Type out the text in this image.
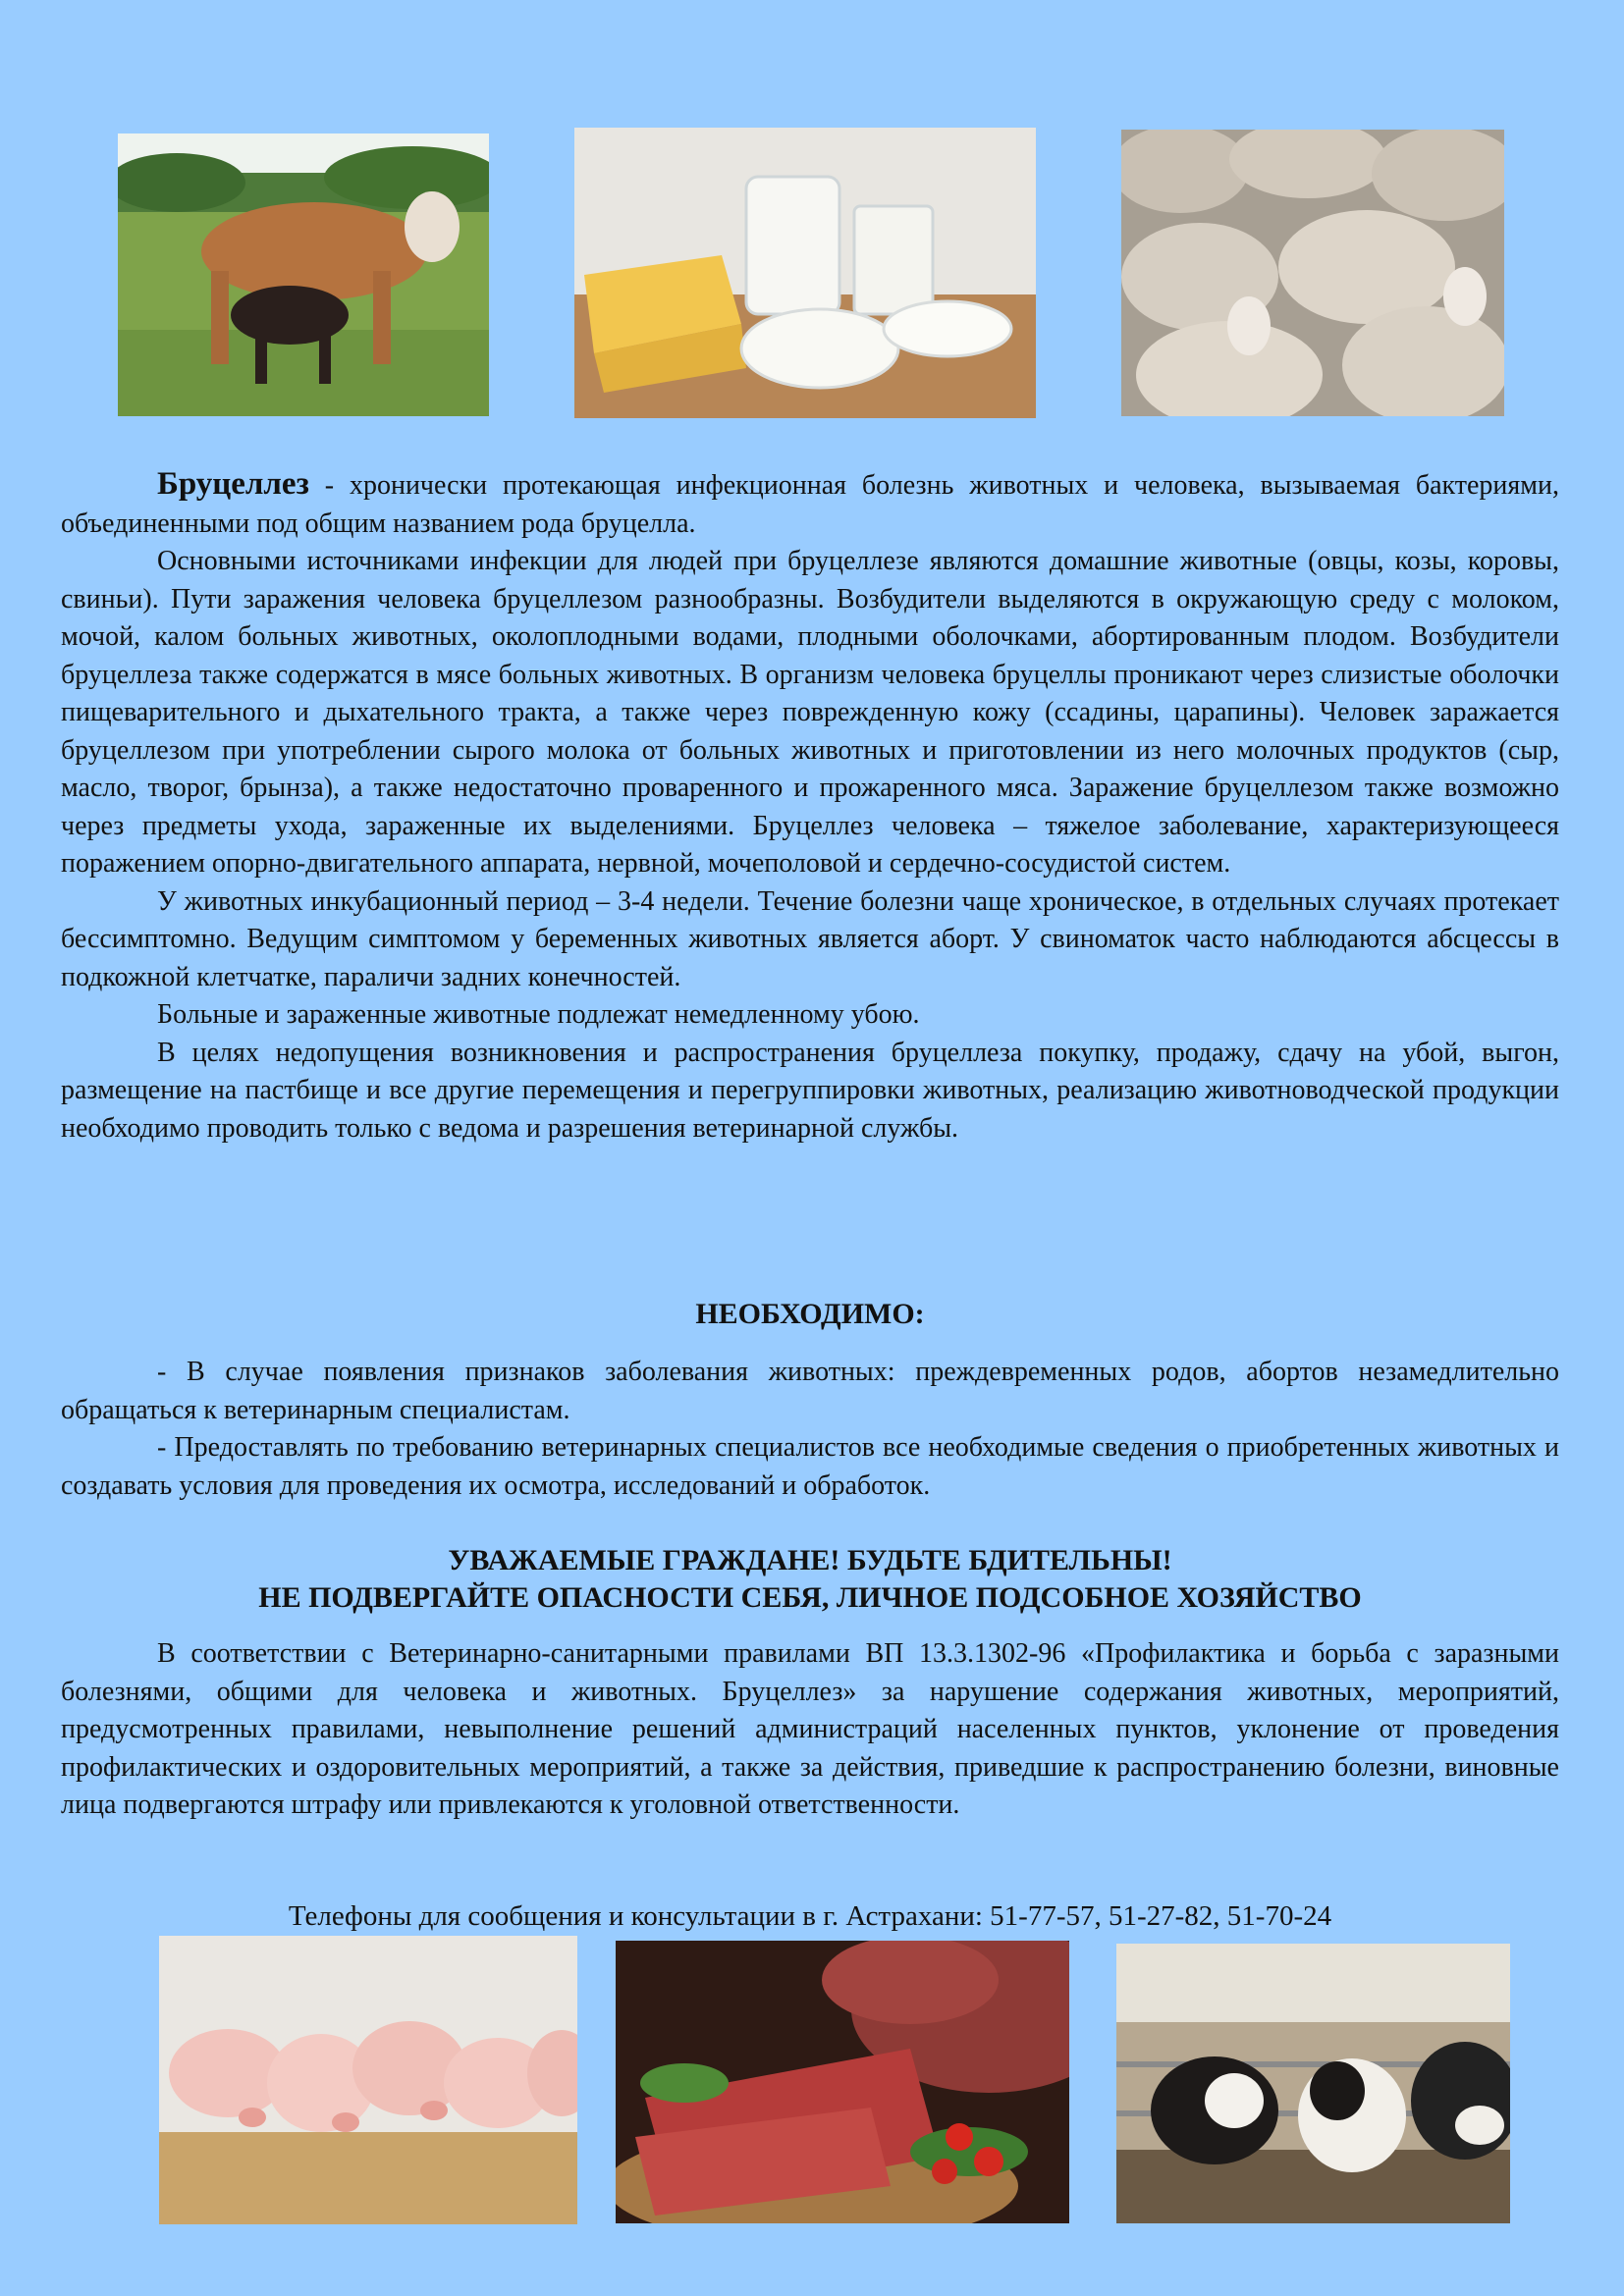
Бруцеллез - хронически протекающая инфекционная болезнь животных и человека, вызываемая бактериями, объединенными под общим названием рода бруцелла.

Основными источниками инфекции для людей при бруцеллезе являются домашние животные (овцы, козы, коровы, свиньи). Пути заражения человека бруцеллезом разнообразны. Возбудители выделяются в окружающую среду с молоком, мочой, калом больных животных, околоплодными водами, плодными оболочками, абортированным плодом. Возбудители бруцеллеза также содержатся в мясе больных животных. В организм человека бруцеллы проникают через слизистые оболочки пищеварительного и дыхательного тракта, а также через поврежденную кожу (ссадины, царапины). Человек заражается бруцеллезом при употреблении сырого молока от больных животных и приготовлении из него молочных продуктов (сыр, масло, творог, брынза), а также недостаточно проваренного и прожаренного мяса. Заражение бруцеллезом также возможно через предметы ухода, зараженные их выделениями. Бруцеллез человека – тяжелое заболевание, характеризующееся поражением опорно-двигательного аппарата, нервной, мочеполовой и сердечно-сосудистой систем.

У животных инкубационный период – 3-4 недели. Течение болезни чаще хроническое, в отдельных случаях протекает бессимптомно. Ведущим симптомом у беременных животных является аборт. У свиноматок часто наблюдаются абсцессы в подкожной клетчатке, параличи задних конечностей.

Больные и зараженные животные подлежат немедленному убою.

В целях недопущения возникновения и распространения бруцеллеза покупку, продажу, сдачу на убой, выгон, размещение на пастбище и все другие перемещения и перегруппировки животных, реализацию животноводческой продукции необходимо проводить только с ведома и разрешения ветеринарной службы.

НЕОБХОДИМО:

- В случае появления признаков заболевания животных: преждевременных родов, абортов незамедлительно обращаться к ветеринарным специалистам.

- Предоставлять по требованию ветеринарных специалистов все необходимые сведения о приобретенных животных и создавать условия для проведения их осмотра, исследований и обработок.

УВАЖАЕМЫЕ ГРАЖДАНЕ! БУДЬТЕ БДИТЕЛЬНЫ!
НЕ ПОДВЕРГАЙТЕ ОПАСНОСТИ СЕБЯ, ЛИЧНОЕ ПОДСОБНОЕ ХОЗЯЙСТВО

В соответствии с Ветеринарно-санитарными правилами ВП 13.3.1302-96 «Профилактика и борьба с заразными болезнями, общими для человека и животных. Бруцеллез» за нарушение содержания животных, мероприятий, предусмотренных правилами, невыполнение решений администраций населенных пунктов, уклонение от проведения профилактических и оздоровительных мероприятий, а также за действия, приведшие к распространению болезни, виновные лица подвергаются штрафу или привлекаются к уголовной ответственности.

Телефоны для сообщения и консультации в г. Астрахани: 51-77-57, 51-27-82, 51-70-24
